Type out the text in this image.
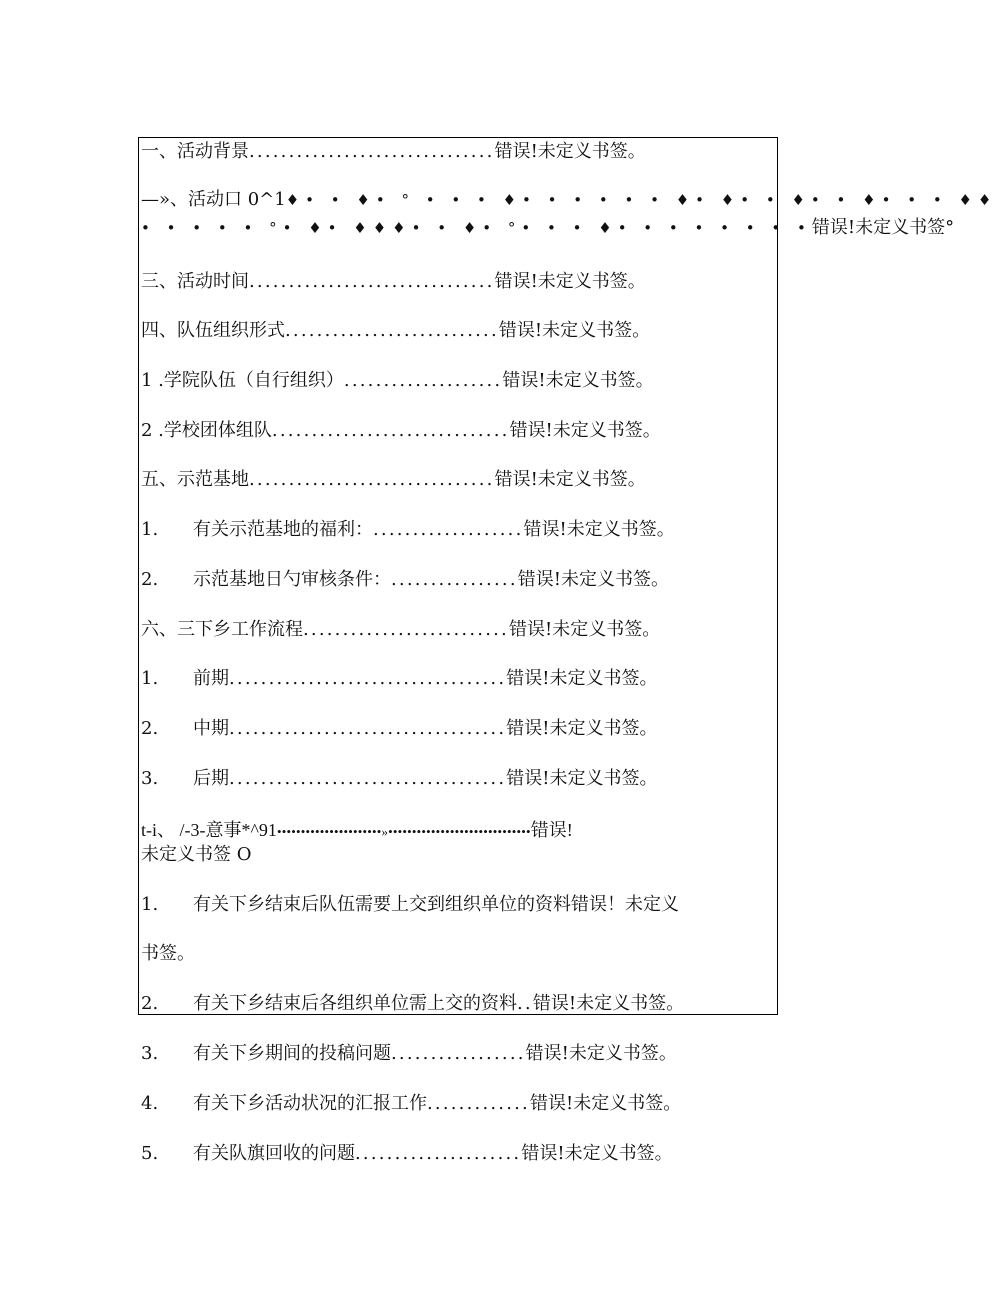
一、活动背景...............................错误!未定义书签。
—»、活动口 0^1♦• • ♦• ° • • • ♦• • • • • • ♦• ♦• • ♦• • ♦• • • ♦♦
• • • • • °• ♦• ♦♦♦• • ♦• °• • • ♦• • • • • • • •错误!未定义书签°
三、活动时间...............................错误!未定义书签。
四、队伍组织形式...........................错误!未定义书签。
1 .学院队伍（自行组织）....................错误!未定义书签。
2 .学校团体组队..............................错误!未定义书签。
五、示范基地...............................错误!未定义书签。
1. 有关示范基地的福利：...................错误!未定义书签。
2. 示范基地日勺审核条件：................错误!未定义书签。
六、三下乡工作流程..........................错误!未定义书签。
1. 前期...................................错误!未定义书签。
2. 中期...................................错误!未定义书签。
3. 后期...................................错误!未定义书签。
t-i、 /-3-意事*^91••••••••••••••••••••••»••••••••••••••••••••••••••••••错误!
未定义书签 O
1. 有关下乡结束后队伍需要上交到组织单位的资料错误！未定义
书签。
2. 有关下乡结束后各组织单位需上交的资料..错误!未定义书签。
3. 有关下乡期间的投稿问题.................错误!未定义书签。
4. 有关下乡活动状况的汇报工作.............错误!未定义书签。
5. 有关队旗回收的问题.....................错误!未定义书签。
